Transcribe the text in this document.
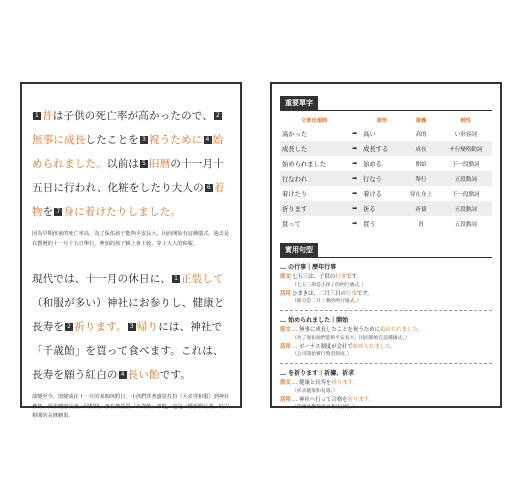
1 昔は子供の死亡率が高かったので、 2無事に成長したことを 3 祝うために 4 始められました。以前は 5 旧暦の十一月十五日に行われ、化粧をしたり大人の 6 着物を 7 身に着けたりしました。
因為早期孩童的死亡率高，為了保佑孩子能夠平安長大，因而開始有這種儀式。過去是在舊曆的十一月十五日舉行，參加的孩子臉上會上妝、穿上大人的和服。
現代では、十一月の休日に、 1 正装して（和服が多い）神社にお参りし、健康と長寿を 2 祈ります。 3 帰りには、神社で「千歳飴」を買って食べます。これは、長寿を願う紅白の 4 長い飴です。
演變至今，則變成在十一月的某個休假日，小孩們穿著盛裝打扮（大多穿和服）到神社參拜，祈求健康長壽。回程時，會在神社買「千歲飴」來吃，這是一種祈願長壽、紅白相間的長條糖果。
重要單字
文章出現時		原形	意義	詞性
高かった	➡	高い	高的	い形容詞
成長した	➡	成長する	成長	サ行變格動詞
始められました	➡	始める	開始	下一段動詞
行なわれ	➡	行なう	舉行	五段動詞
着けたり	➡	着ける	穿在身上	下一段動詞
祈ります	➡	祈る	祈禱	五段動詞
買って	➡	買う	買	五段動詞
實用句型
… の行事｜歷年行事
原文 七五三は、子供の行事です。
（七五三節是小孩子的例行儀式。）
活用 ひまきは、二月三日の行事です。
（節分是二月三號的例行儀式。）
… 始められました｜開始
原文 … 無事に成長したことを祝うために始められました。
（為了保佑他們能夠平安長大，因而開始有這種儀式。）
活用 … ボーナス制度が会社で始められました。
（公司開始實行獎金制度。）
… を祈ります｜祈禱、祈求
原文 … 健康と長寿を祈ります。
（祈求健康和長壽。）
活用 … 神社へ行って合格を祈ります。
（到神社參拜祈求考試合格。）
